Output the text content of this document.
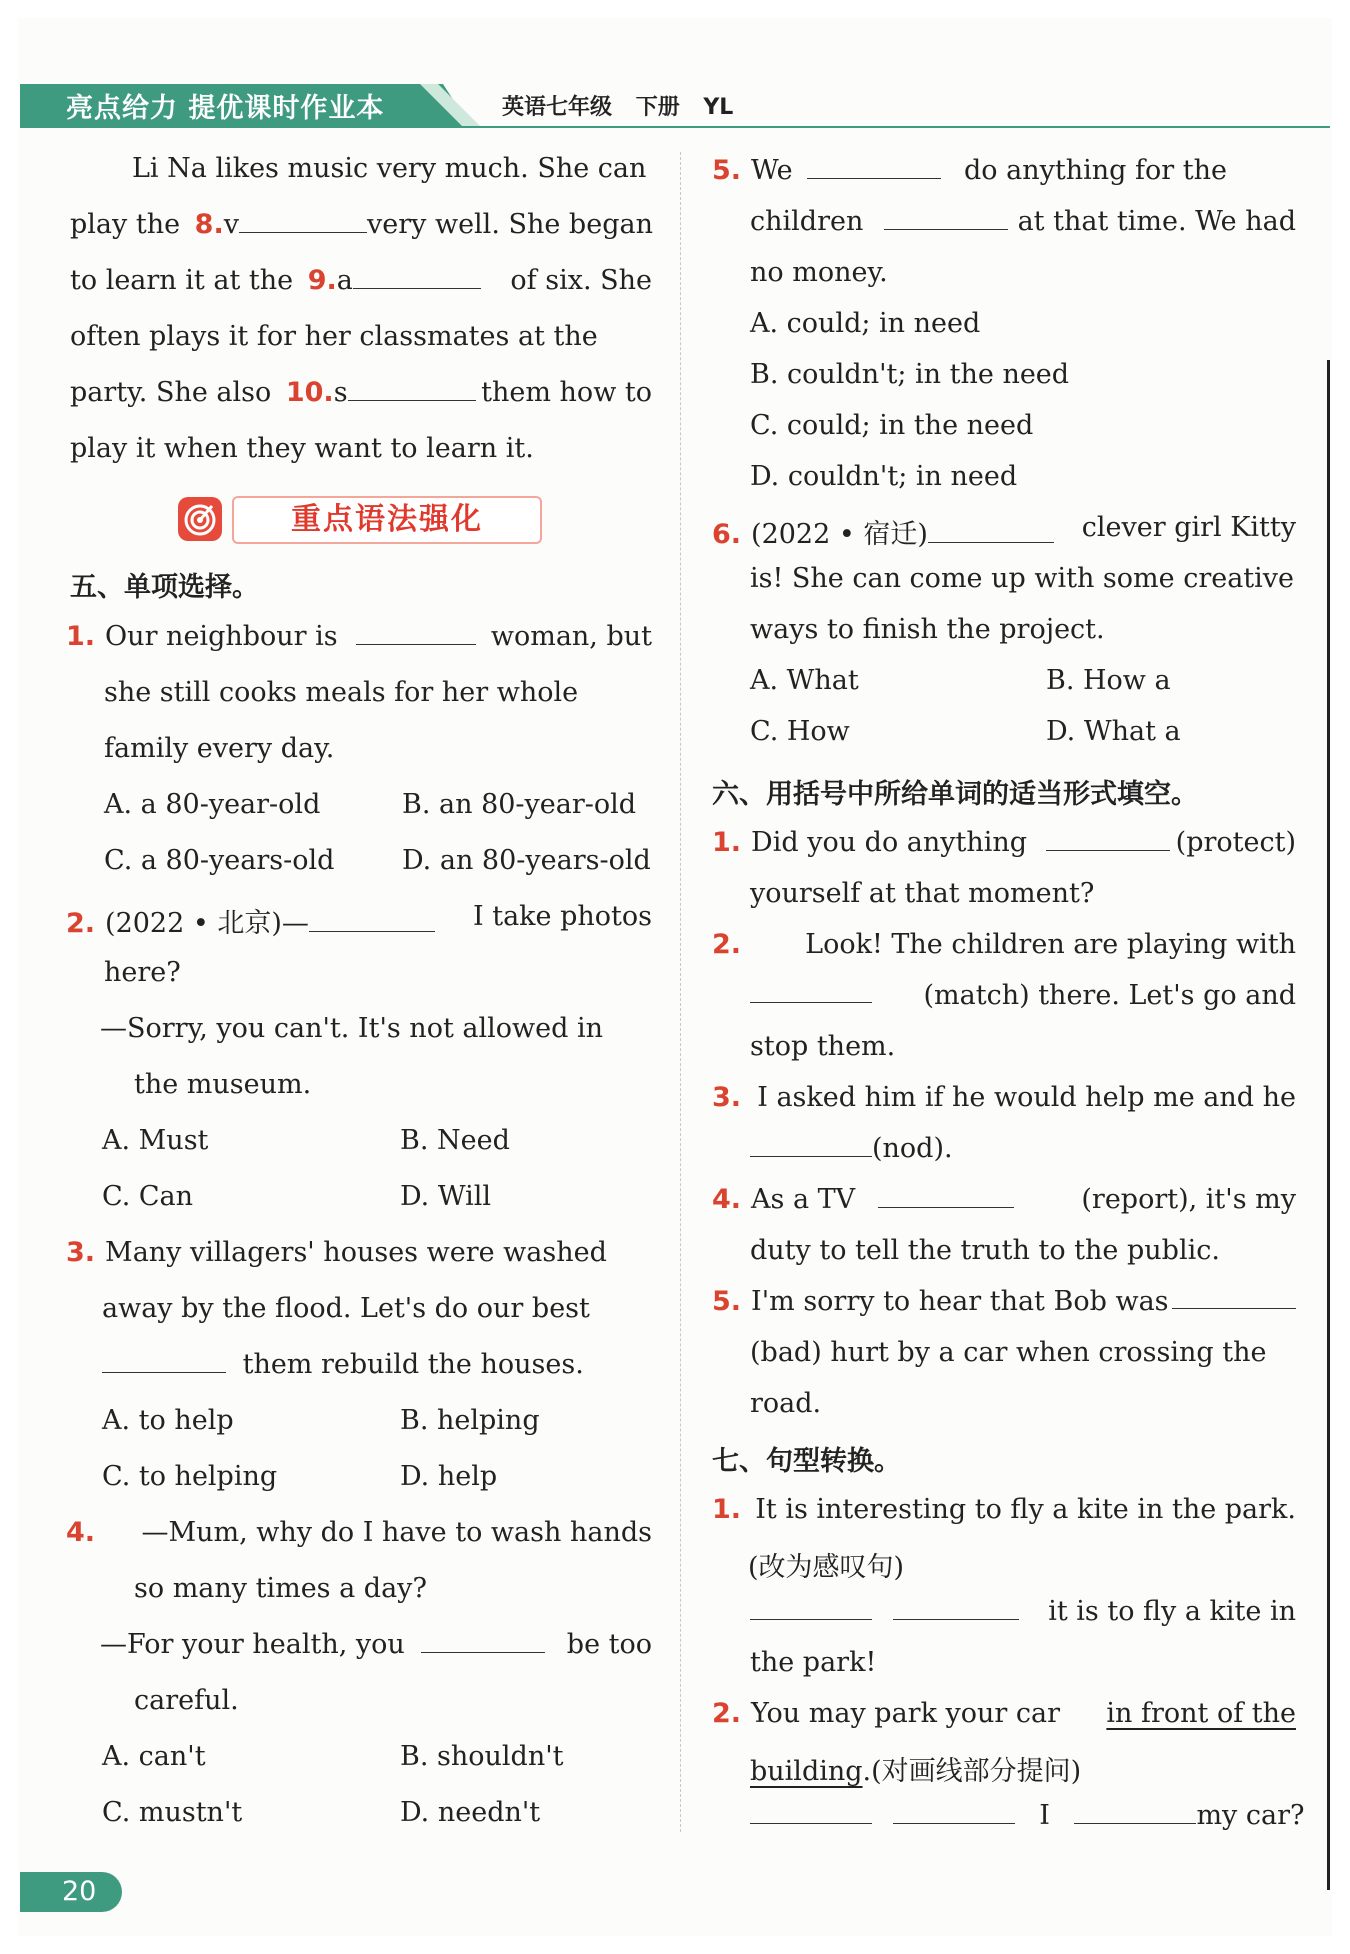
亮点给力 提优课时作业本	英语七年级 下册 YL
Li Na likes music very much. She can
play the 8.v	very well. She began
to learn it at the 9.a	of six. She
often plays it for her classmates at the
party. She also 10.s	them how to
play it when they want to learn it.
重点语法强化
五、单项选择。
1. Our neighbour is	woman, but
she still cooks meals for her whole
family every day.
A. a 80-year-old	B. an 80-year-old
C. a 80-years-old	D. an 80-years-old
2. (2022 • 北京)—	I take photos
here?
—Sorry, you can't. It's not allowed in
the museum.
A. Must	B. Need
C. Can	D. Will
3. Many villagers' houses were washed
away by the flood. Let's do our best
them rebuild the houses.
A. to help	B. helping
C. to helping	D. help
4. —Mum, why do I have to wash hands
so many times a day?
—For your health, you	be too
careful.
A. can't	B. shouldn't
C. mustn't	D. needn't
5. We	do anything for the
children	at that time. We had
no money.
A. could; in need
B. couldn't; in the need
C. could; in the need
D. couldn't; in need
6. (2022 • 宿迁)	clever girl Kitty
is! She can come up with some creative
ways to finish the project.
A. What	B. How a
C. How	D. What a
六、用括号中所给单词的适当形式填空。
1. Did you do anything	(protect)
yourself at that moment?
2. Look! The children are playing with
(match) there. Let's go and
stop them.
3. I asked him if he would help me and he
(nod).
4. As a TV	(report), it's my
duty to tell the truth to the public.
5. I'm sorry to hear that Bob was
(bad) hurt by a car when crossing the
road.
七、句型转换。
1. It is interesting to fly a kite in the park.
(改为感叹句)

it is to fly a kite in
the park!
2. You may park your car in front of the
building.(对画线部分提问)
I	my car?
20
